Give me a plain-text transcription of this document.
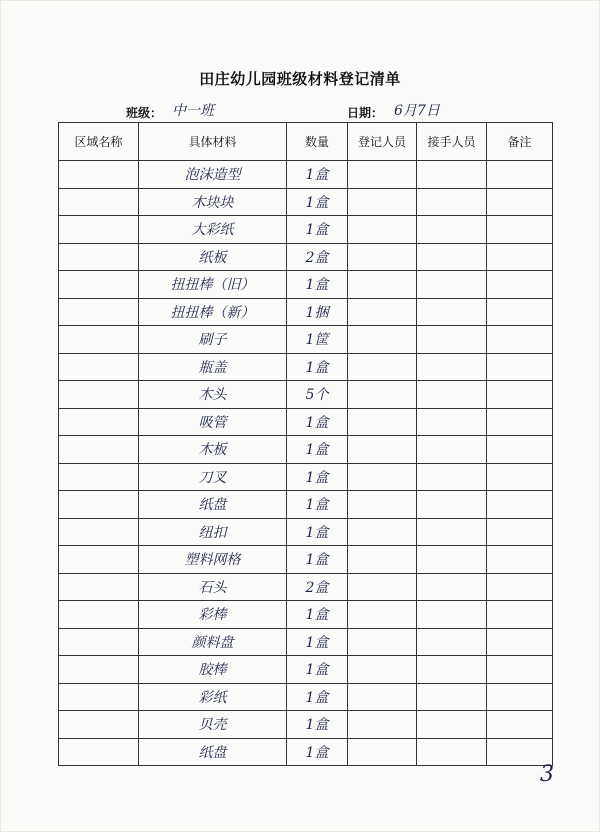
田庄幼儿园班级材料登记清单
班级： 中一班	日期： 6月7日
区域名称	具体材料	数量	登记人员	接手人员	备注
	泡沫造型	1盒			
	木块块	1盒			
	大彩纸	1盒			
	纸板	2盒			
	扭扭棒（旧）	1盒			
	扭扭棒（新）	1捆			
	刷子	1筐			
	瓶盖	1盒			
	木头	5个			
	吸管	1盒			
	木板	1盒			
	刀叉	1盒			
	纸盘	1盒			
	纽扣	1盒			
	塑料网格	1盒			
	石头	2盒			
	彩棒	1盒			
	颜料盘	1盒			
	胶棒	1盒			
	彩纸	1盒			
	贝壳	1盒			
	纸盘	1盒			
3
